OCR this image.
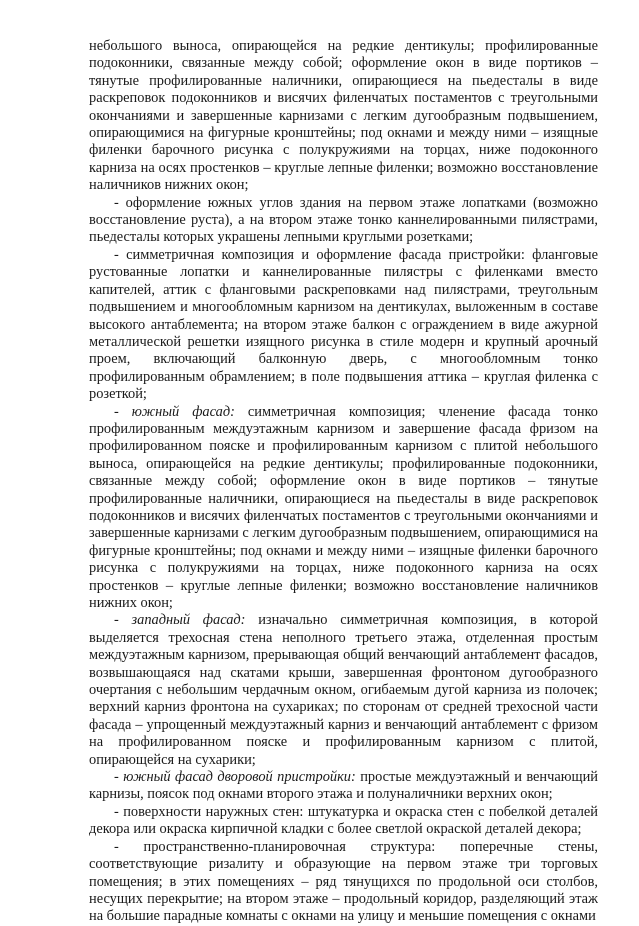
небольшого выноса, опирающейся на редкие дентикулы; профилированные подоконники, связанные между собой; оформление окон в виде портиков – тянутые профилированные наличники, опирающиеся на пьедесталы в виде раскреповок подоконников и висячих филенчатых постаментов с треугольными окончаниями и завершенные карнизами с легким дугообразным подвышением, опирающимися на фигурные кронштейны; под окнами и между ними – изящные филенки барочного рисунка с полукружиями на торцах, ниже подоконного карниза на осях простенков – круглые лепные филенки; возможно восстановление наличников нижних окон;

- оформление южных углов здания на первом этаже лопатками (возможно восстановление руста), а на втором этаже тонко каннелированными пилястрами, пьедесталы которых украшены лепными круглыми розетками;

- симметричная композиция и оформление фасада пристройки: фланговые рустованные лопатки и каннелированные пилястры с филенками вместо капителей, аттик с фланговыми раскреповками над пилястрами, треугольным подвышением и многообломным карнизом на дентикулах, выложенным в составе высокого антаблемента; на втором этаже балкон с ограждением в виде ажурной металлической решетки изящного рисунка в стиле модерн и крупный арочный проем, включающий балконную дверь, с многообломным тонко профилированным обрамлением; в поле подвышения аттика – круглая филенка с розеткой;

- южный фасад: симметричная композиция; членение фасада тонко профилированным междуэтажным карнизом и завершение фасада фризом на профилированном пояске и профилированным карнизом с плитой небольшого выноса, опирающейся на редкие дентикулы; профилированные подоконники, связанные между собой; оформление окон в виде портиков – тянутые профилированные наличники, опирающиеся на пьедесталы в виде раскреповок подоконников и висячих филенчатых постаментов с треугольными окончаниями и завершенные карнизами с легким дугообразным подвышением, опирающимися на фигурные кронштейны; под окнами и между ними – изящные филенки барочного рисунка с полукружиями на торцах, ниже подоконного карниза на осях простенков – круглые лепные филенки; возможно восстановление наличников нижних окон;

- западный фасад: изначально симметричная композиция, в которой выделяется трехосная стена неполного третьего этажа, отделенная простым междуэтажным карнизом, прерывающая общий венчающий антаблемент фасадов, возвышающаяся над скатами крыши, завершенная фронтоном дугообразного очертания с небольшим чердачным окном, огибаемым дугой карниза из полочек; верхний карниз фронтона на сухариках; по сторонам от средней трехосной части фасада – упрощенный междуэтажный карниз и венчающий антаблемент с фризом на профилированном пояске и профилированным карнизом с плитой, опирающейся на сухарики;

- южный фасад дворовой пристройки: простые междуэтажный и венчающий карнизы, поясок под окнами второго этажа и полуналичники верхних окон;

- поверхности наружных стен: штукатурка и окраска стен с побелкой деталей декора или окраска кирпичной кладки с более светлой окраской деталей декора;

- пространственно-планировочная структура: поперечные стены, соответствующие ризалиту и образующие на первом этаже три торговых помещения; в этих помещениях – ряд тянущихся по продольной оси столбов, несущих перекрытие; на втором этаже – продольный коридор, разделяющий этаж на большие парадные комнаты с окнами на улицу и меньшие помещения с окнами
